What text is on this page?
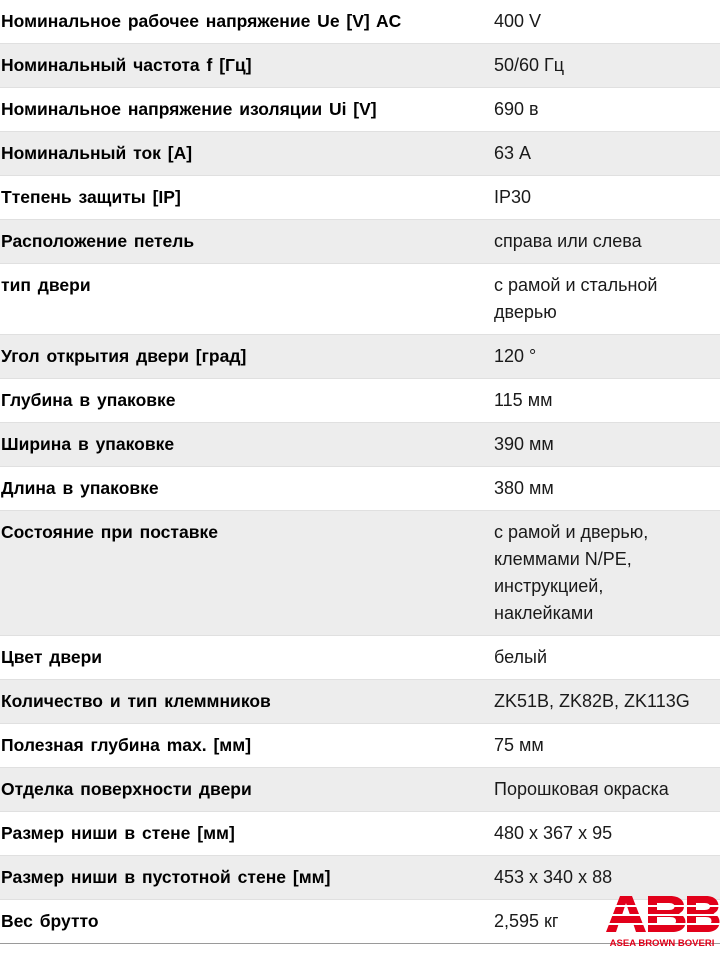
Номинальное рабочее напряжение Ue [V] AC	400 V
Номинальный частота f [Гц]	50/60 Гц
Номинальное напряжение изоляции Ui [V]	690 в
Номинальный ток [A]	63 А
Ттепень защиты [IP]	IP30
Расположение петель	справа или слева
тип двери	с рамой и стальной
дверью
Угол открытия двери [град]	120 °
Глубина в упаковке	115 мм
Ширина в упаковке	390 мм
Длина в упаковке	380 мм
Состояние при поставке	с рамой и дверью,
клеммами N/PE,
инструкцией,
наклейками
Цвет двери	белый
Количество и тип клеммников	ZK51B, ZK82B, ZK113G
Полезная глубина max. [мм]	75 мм
Отделка поверхности двери	Порошковая окраска
Размер ниши в стене [мм]	480 x 367 x 95
Размер ниши в пустотной стене [мм]	453 x 340 x 88
Вес брутто	2,595 кг
ASEA BROWN BOVERI
